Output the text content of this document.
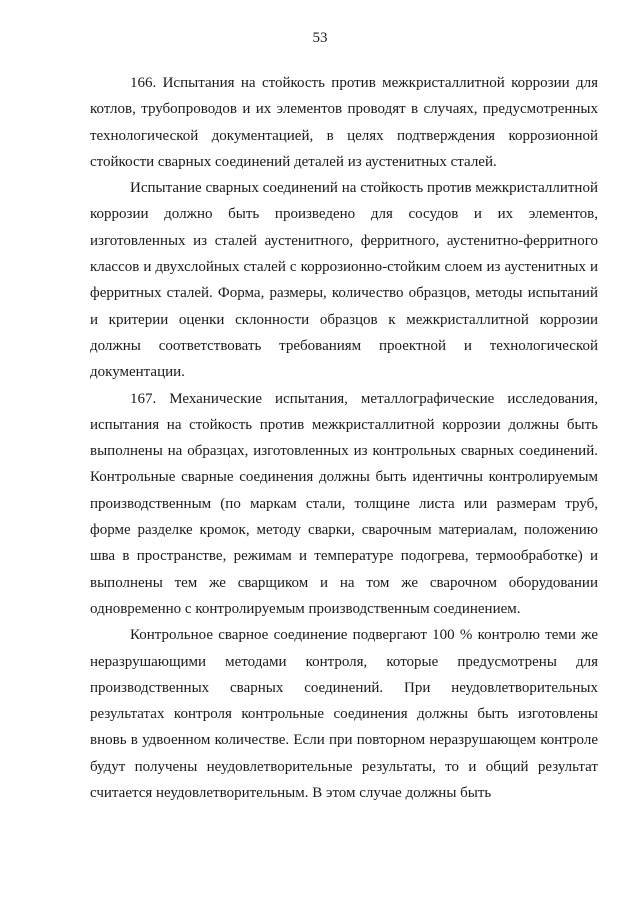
53

166. Испытания на стойкость против межкристаллитной коррозии для котлов, трубопроводов и их элементов проводят в случаях, предусмотренных технологической документацией, в целях подтверждения коррозионной стойкости сварных соединений деталей из аустенитных сталей.

Испытание сварных соединений на стойкость против межкристаллитной коррозии должно быть произведено для сосудов и их элементов, изготовленных из сталей аустенитного, ферритного, аустенитно-ферритного классов и двухслойных сталей с коррозионно-стойким слоем из аустенитных и ферритных сталей. Форма, размеры, количество образцов, методы испытаний и критерии оценки склонности образцов к межкристаллитной коррозии должны соответствовать требованиям проектной и технологической документации.

167. Механические испытания, металлографические исследования, испытания на стойкость против межкристаллитной коррозии должны быть выполнены на образцах, изготовленных из контрольных сварных соединений. Контрольные сварные соединения должны быть идентичны контролируемым производственным (по маркам стали, толщине листа или размерам труб, форме разделке кромок, методу сварки, сварочным материалам, положению шва в пространстве, режимам и температуре подогрева, термообработке) и выполнены тем же сварщиком и на том же сварочном оборудовании одновременно с контролируемым производственным соединением.

Контрольное сварное соединение подвергают 100 % контролю теми же неразрушающими методами контроля, которые предусмотрены для производственных сварных соединений. При неудовлетворительных результатах контроля контрольные соединения должны быть изготовлены вновь в удвоенном количестве. Если при повторном неразрушающем контроле будут получены неудовлетворительные результаты, то и общий результат считается неудовлетворительным. В этом случае должны быть
